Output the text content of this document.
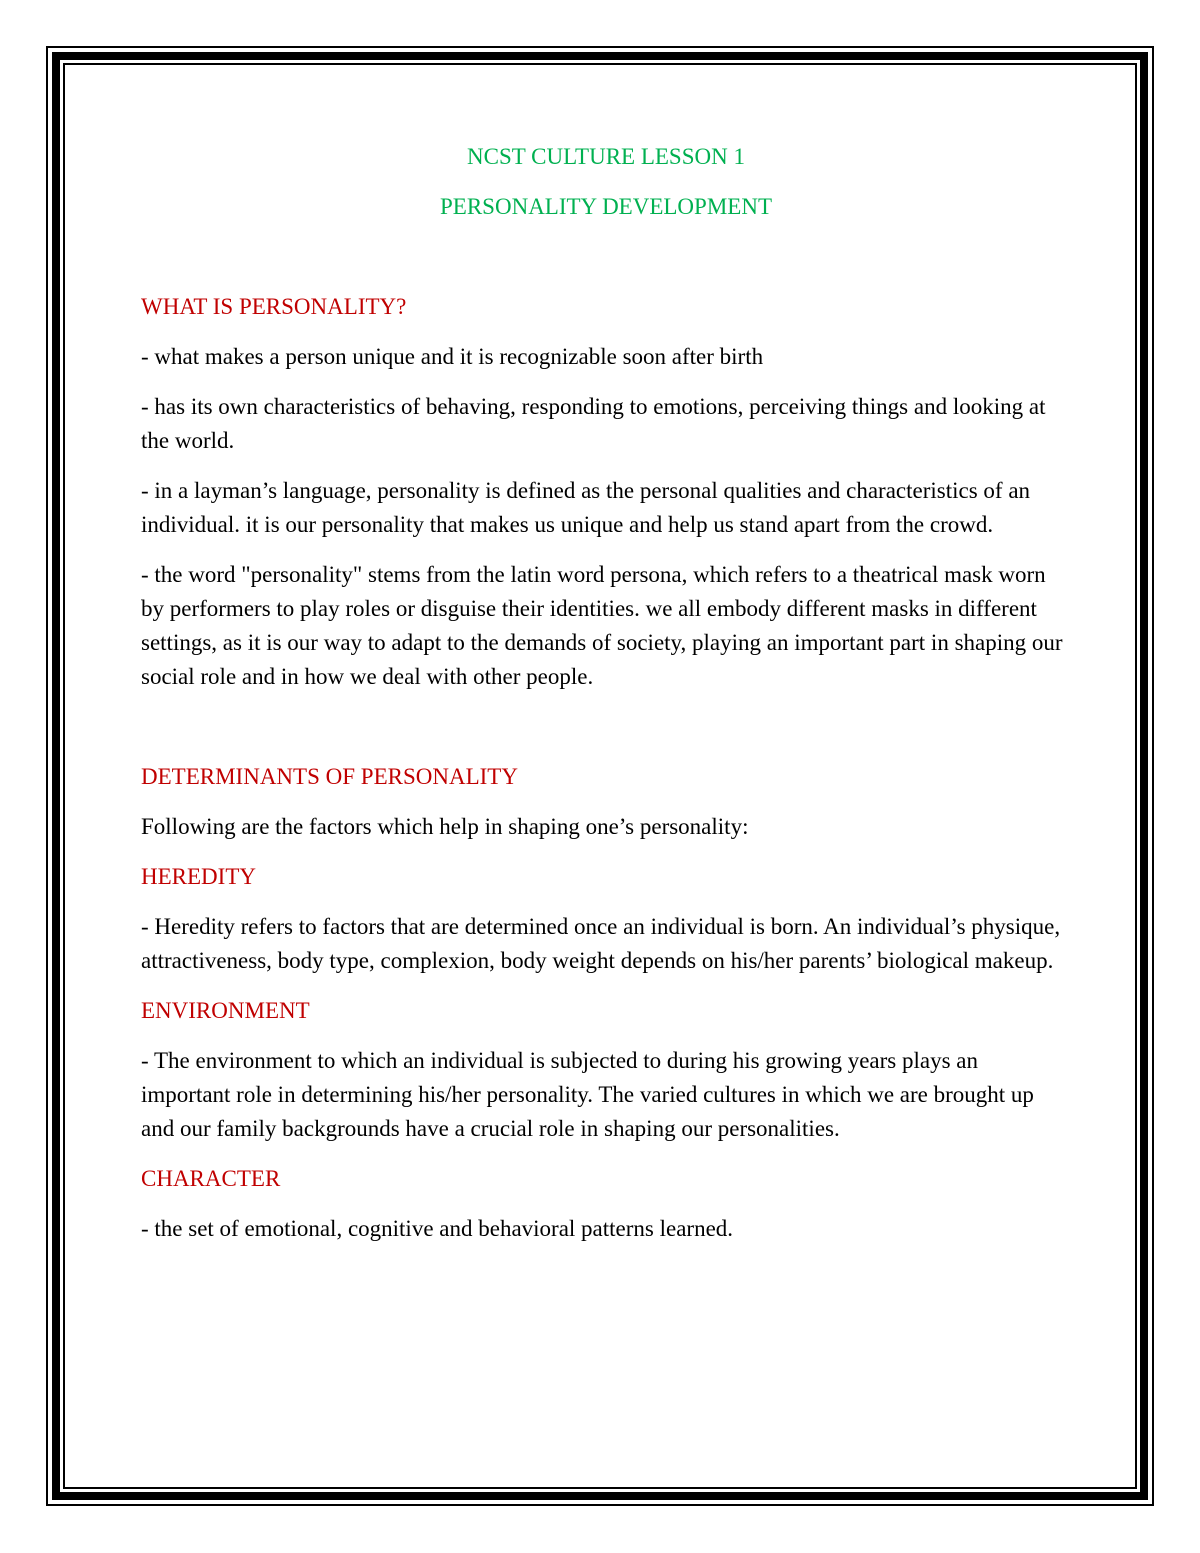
NCST CULTURE LESSON 1
PERSONALITY DEVELOPMENT
WHAT IS PERSONALITY?

- what makes a person unique and it is recognizable soon after birth

- has its own characteristics of behaving, responding to emotions, perceiving things and looking at the world.

- in a layman’s language, personality is defined as the personal qualities and characteristics of an individual. it is our personality that makes us unique and help us stand apart from the crowd.

- the word "personality" stems from the latin word persona, which refers to a theatrical mask worn by performers to play roles or disguise their identities. we all embody different masks in different settings, as it is our way to adapt to the demands of society, playing an important part in shaping our social role and in how we deal with other people.

DETERMINANTS OF PERSONALITY

Following are the factors which help in shaping one’s personality:

HEREDITY

- Heredity refers to factors that are determined once an individual is born. An individual’s physique, attractiveness, body type, complexion, body weight depends on his/her parents’ biological makeup.

ENVIRONMENT

- The environment to which an individual is subjected to during his growing years plays an important role in determining his/her personality. The varied cultures in which we are brought up and our family backgrounds have a crucial role in shaping our personalities.

CHARACTER

- the set of emotional, cognitive and behavioral patterns learned.
